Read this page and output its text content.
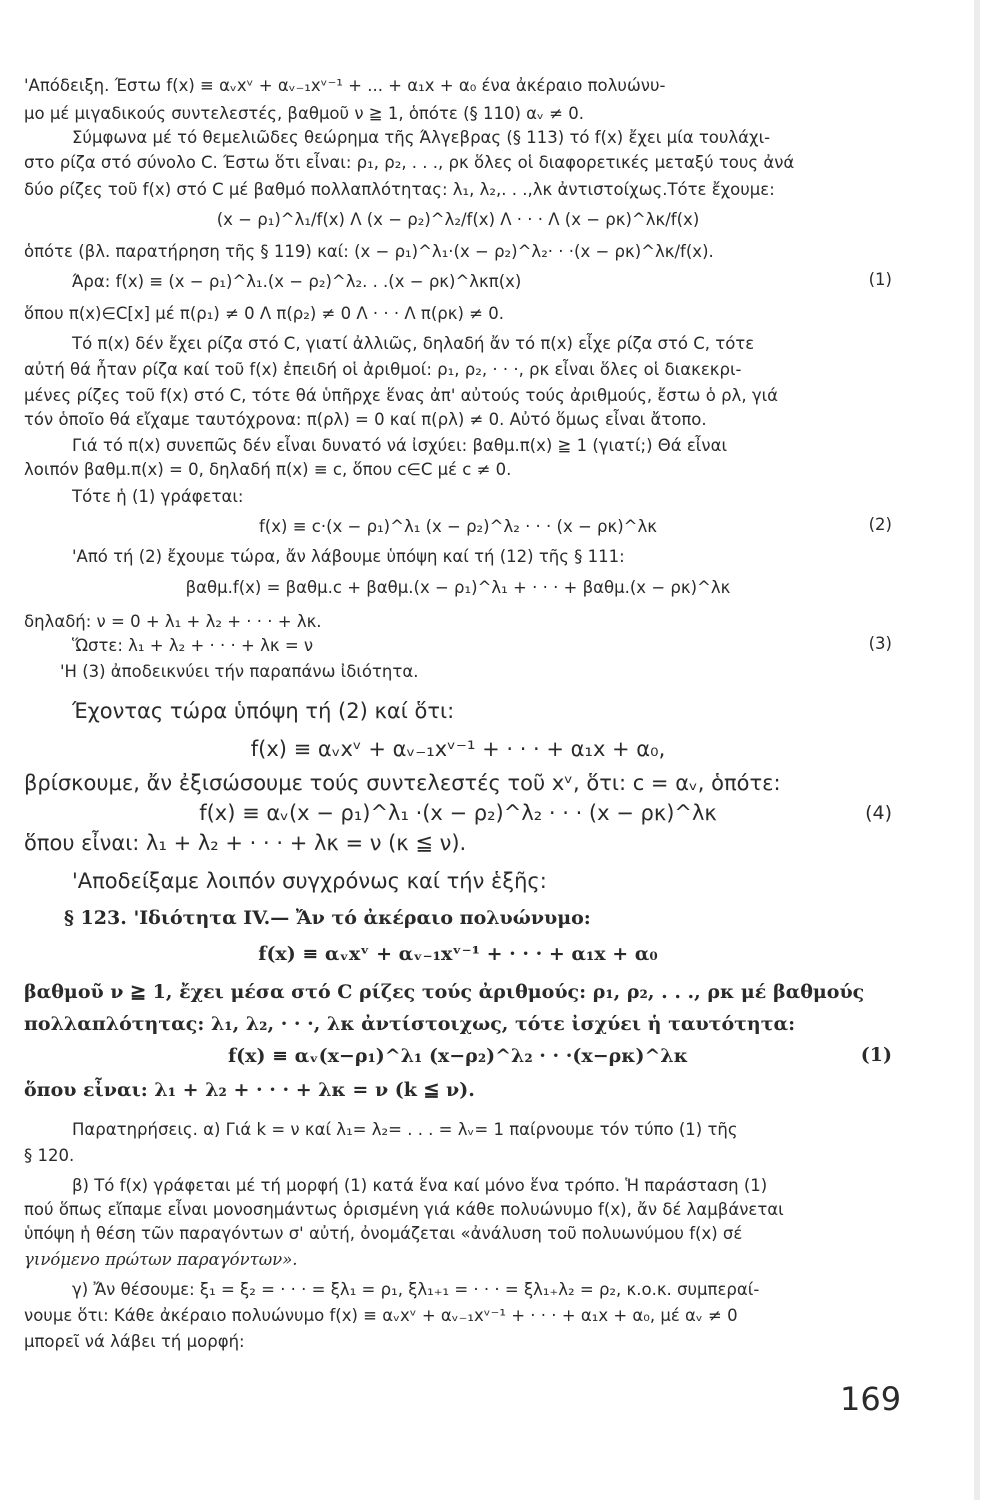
'Απόδειξη. Έστω f(x) ≡ αᵥxᵛ + αᵥ₋₁xᵛ⁻¹ + ... + α₁x + α₀ ένα ἀκέραιο πολυώνυ-
μο μέ μιγαδικούς συντελεστές, βαθμοῦ ν ≧ 1, ὁπότε (§ 110) αᵥ ≠ 0.
Σύμφωνα μέ τό θεμελιῶδες θεώρημα τῆς Άλγεβρας (§ 113) τό f(x) ἔχει μία τουλάχι-
στο ρίζα στό σύνολο C. Έστω ὅτι εἶναι: ρ₁, ρ₂, . . ., ρκ ὅλες οἱ διαφορετικές μεταξύ τους ἀνά
δύο ρίζες τοῦ f(x) στό C μέ βαθμό πολλαπλότητας: λ₁, λ₂,. . .,λκ ἀντιστοίχως.Τότε ἔχουμε:
(x − ρ₁)^λ₁/f(x) Λ (x − ρ₂)^λ₂/f(x) Λ · · · Λ (x − ρκ)^λκ/f(x)
ὁπότε (βλ. παρατήρηση τῆς § 119) καί: (x − ρ₁)^λ₁·(x − ρ₂)^λ₂· · ·(x − ρκ)^λκ/f(x).
Άρα: f(x) ≡ (x − ρ₁)^λ₁.(x − ρ₂)^λ₂. . .(x − ρκ)^λκπ(x)	(1)
ὅπου π(x)∈C[x] μέ π(ρ₁) ≠ 0 Λ π(ρ₂) ≠ 0 Λ · · · Λ π(ρκ) ≠ 0.
Τό π(x) δέν ἔχει ρίζα στό C, γιατί ἀλλιῶς, δηλαδή ἄν τό π(x) εἶχε ρίζα στό C, τότε
αὐτή θά ἦταν ρίζα καί τοῦ f(x) ἐπειδή οἱ ἀριθμοί: ρ₁, ρ₂, · · ·, ρκ εἶναι ὅλες οἱ διακεκρι-
μένες ρίζες τοῦ f(x) στό C, τότε θά ὑπῆρχε ἕνας ἀπ' αὐτούς τούς ἀριθμούς, ἔστω ὁ ρλ, γιά
τόν ὁποῖο θά εἴχαμε ταυτόχρονα: π(ρλ) = 0 καί π(ρλ) ≠ 0. Αὐτό ὅμως εἶναι ἄτοπο.
Γιά τό π(x) συνεπῶς δέν εἶναι δυνατό νά ἰσχύει: βαθμ.π(x) ≧ 1 (γιατί;) Θά εἶναι
λοιπόν βαθμ.π(x) = 0, δηλαδή π(x) ≡ c, ὅπου c∈C μέ c ≠ 0.
Τότε ἡ (1) γράφεται:
f(x) ≡ c·(x − ρ₁)^λ₁ (x − ρ₂)^λ₂ · · · (x − ρκ)^λκ	(2)
'Από τή (2) ἔχουμε τώρα, ἄν λάβουμε ὑπόψη καί τή (12) τῆς § 111:
βαθμ.f(x) = βαθμ.c + βαθμ.(x − ρ₁)^λ₁ + · · · + βαθμ.(x − ρκ)^λκ
δηλαδή: ν = 0 + λ₁ + λ₂ + · · · + λκ.
Ὥστε: λ₁ + λ₂ + · · · + λκ = ν	(3)
'Η (3) ἀποδεικνύει τήν παραπάνω ἰδιότητα.
Έχοντας τώρα ὑπόψη τή (2) καί ὅτι:
f(x) ≡ αᵥxᵛ + αᵥ₋₁xᵛ⁻¹ + · · · + α₁x + α₀,
βρίσκουμε, ἄν ἐξισώσουμε τούς συντελεστές τοῦ xᵛ, ὅτι: c = αᵥ, ὁπότε:
f(x) ≡ αᵥ(x − ρ₁)^λ₁ ·(x − ρ₂)^λ₂ · · · (x − ρκ)^λκ	(4)
ὅπου εἶναι: λ₁ + λ₂ + · · · + λκ = ν (κ ≦ ν).
'Αποδείξαμε λοιπόν συγχρόνως καί τήν ἑξῆς:
§ 123. 'Ιδιότητα IV.— Ἄν τό ἀκέραιο πολυώνυμο:
f(x) ≡ αᵥxᵛ + αᵥ₋₁xᵛ⁻¹ + · · · + α₁x + α₀
βαθμοῦ ν ≧ 1, ἔχει μέσα στό C ρίζες τούς ἀριθμούς: ρ₁, ρ₂, . . ., ρκ μέ βαθμούς
πολλαπλότητας: λ₁, λ₂, · · ·, λκ ἀντίστοιχως, τότε ἰσχύει ἡ ταυτότητα:
f(x) ≡ αᵥ(x−ρ₁)^λ₁ (x−ρ₂)^λ₂ · · ·(x−ρκ)^λκ	(1)
ὅπου εἶναι: λ₁ + λ₂ + · · · + λκ = ν (k ≦ ν).
Παρατηρήσεις. α) Γιά k = ν καί λ₁= λ₂= . . . = λᵥ= 1 παίρνουμε τόν τύπο (1) τῆς
§ 120.
β) Τό f(x) γράφεται μέ τή μορφή (1) κατά ἕνα καί μόνο ἕνα τρόπο. Ἡ παράσταση (1)
πού ὅπως εἴπαμε εἶναι μονοσημάντως ὁρισμένη γιά κάθε πολυώνυμο f(x), ἄν δέ λαμβάνεται
ὑπόψη ἡ θέση τῶν παραγόντων σ' αὐτή, ὀνομάζεται «ἀνάλυση τοῦ πολυωνύμου f(x) σέ
γινόμενο πρώτων παραγόντων».
γ) Ἄν θέσουμε: ξ₁ = ξ₂ = · · · = ξλ₁ = ρ₁, ξλ₁₊₁ = · · · = ξλ₁₊λ₂ = ρ₂, κ.ο.κ. συμπεραί-
νουμε ὅτι: Κάθε ἀκέραιο πολυώνυμο f(x) ≡ αᵥxᵛ + αᵥ₋₁xᵛ⁻¹ + · · · + α₁x + α₀, μέ αᵥ ≠ 0
μπορεῖ νά λάβει τή μορφή:
169
